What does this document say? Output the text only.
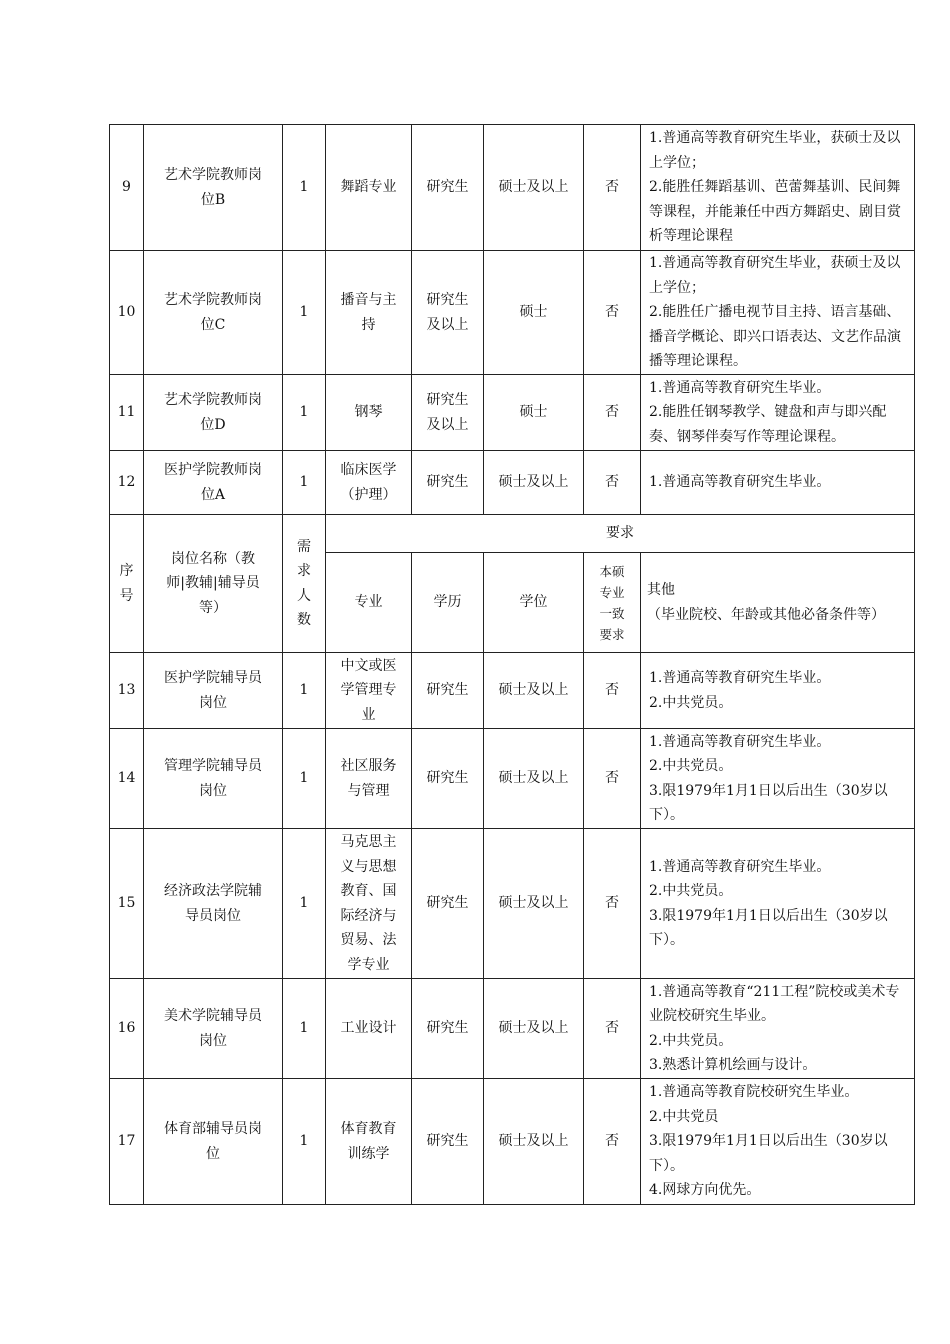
9	艺术学院教师岗位B	1	舞蹈专业	研究生	硕士及以上	否	1.普通高等教育研究生毕业，获硕士及以上学位；
2.能胜任舞蹈基训、芭蕾舞基训、民间舞等课程，并能兼任中西方舞蹈史、剧目赏析等理论课程

10	艺术学院教师岗位C	1	播音与主持	研究生及以上	硕士	否	1.普通高等教育研究生毕业，获硕士及以上学位；
2.能胜任广播电视节目主持、语言基础、播音学概论、即兴口语表达、文艺作品演播等理论课程。

11	艺术学院教师岗位D	1	钢琴	研究生及以上	硕士	否	1.普通高等教育研究生毕业。
2.能胜任钢琴教学、键盘和声与即兴配奏、钢琴伴奏写作等理论课程。

12	医护学院教师岗位A	1	临床医学（护理）	研究生	硕士及以上	否	1.普通高等教育研究生毕业。

序号	岗位名称（教师|教辅|辅导员等）	需求人数	要求				
			专业	学历	学位	本硕专业一致要求	其他
（毕业院校、年龄或其他必备条件等）

13	医护学院辅导员岗位	1	中文或医学管理专业	研究生	硕士及以上	否	1.普通高等教育研究生毕业。
2.中共党员。

14	管理学院辅导员岗位	1	社区服务与管理	研究生	硕士及以上	否	1.普通高等教育研究生毕业。
2.中共党员。
3.限1979年1月1日以后出生（30岁以下）。

15	经济政法学院辅导员岗位	1	马克思主义与思想教育、国际经济与贸易、法学专业	研究生	硕士及以上	否	1.普通高等教育研究生毕业。
2.中共党员。
3.限1979年1月1日以后出生（30岁以下）。

16	美术学院辅导员岗位	1	工业设计	研究生	硕士及以上	否	1.普通高等教育“211工程”院校或美术专业院校研究生毕业。
2.中共党员。
3.熟悉计算机绘画与设计。

17	体育部辅导员岗位	1	体育教育训练学	研究生	硕士及以上	否	1.普通高等教育院校研究生毕业。
2.中共党员
3.限1979年1月1日以后出生（30岁以下）。
4.网球方向优先。
